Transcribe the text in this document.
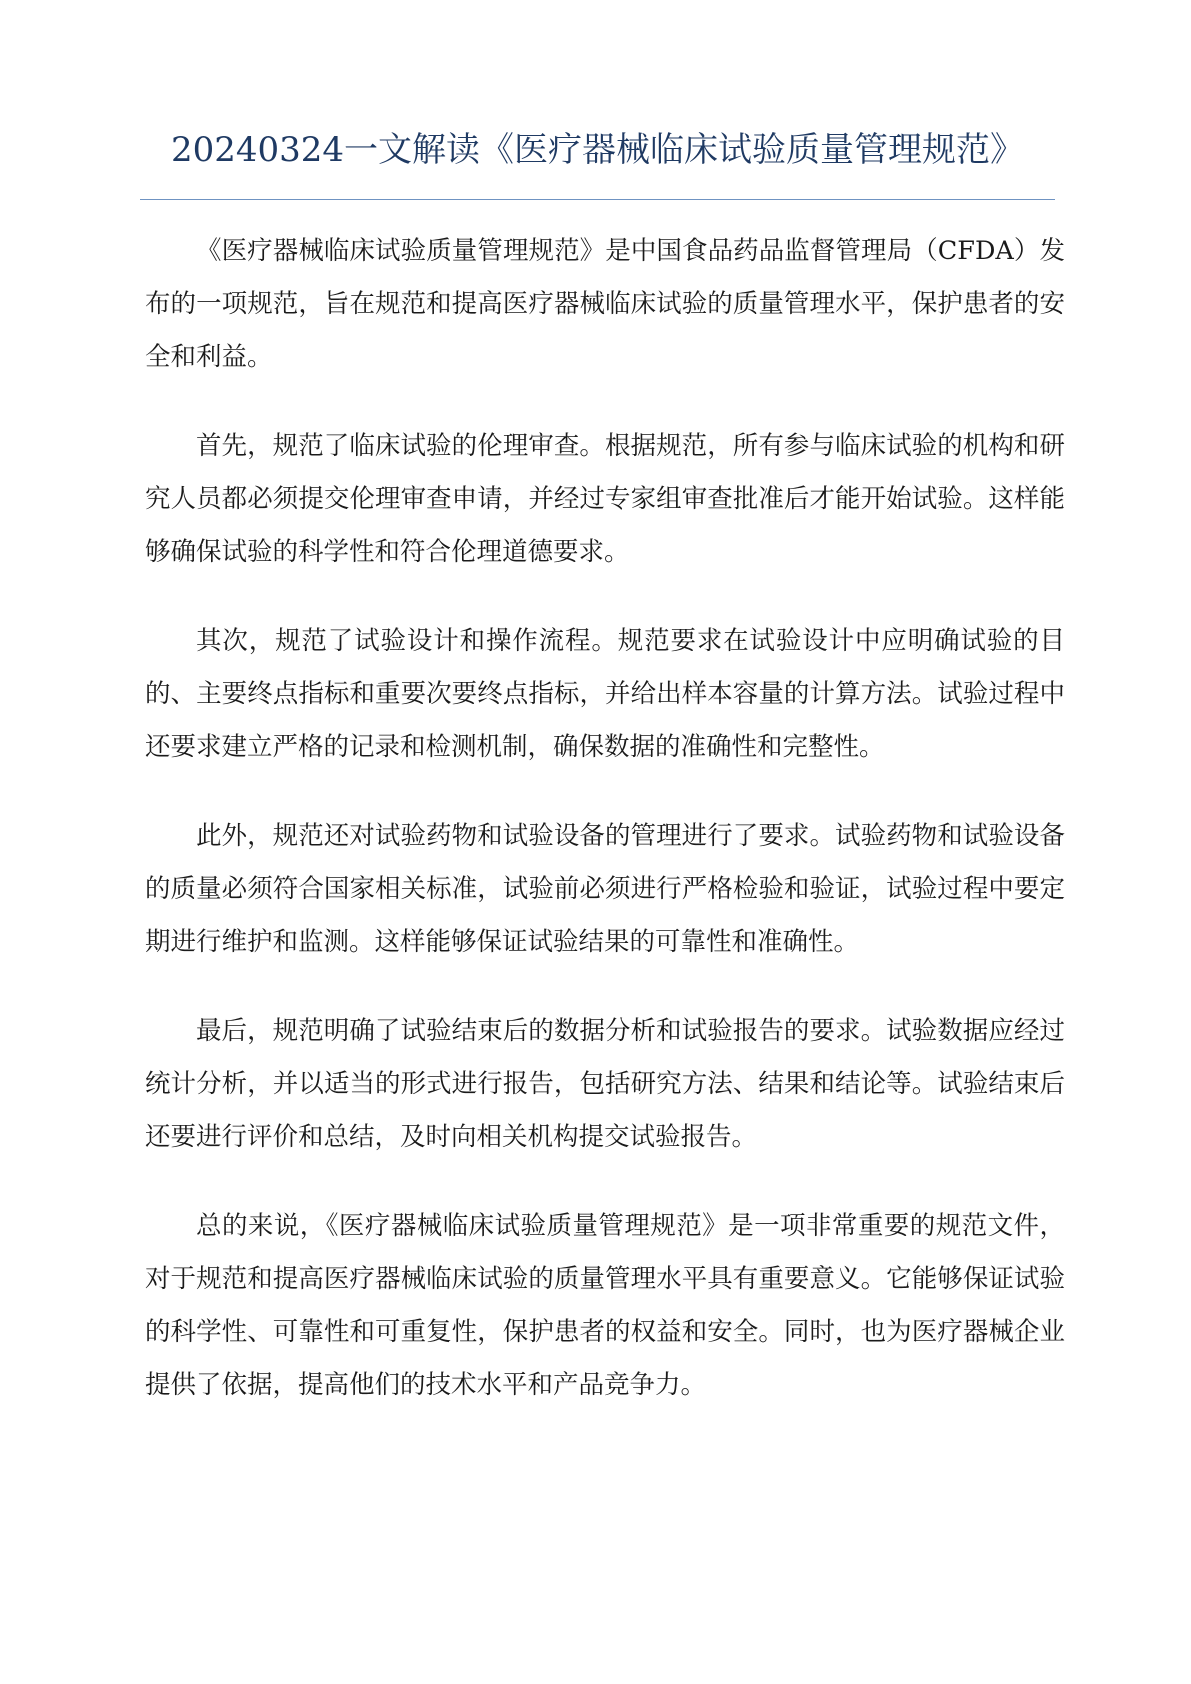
20240324一文解读《医疗器械临床试验质量管理规范》

《医疗器械临床试验质量管理规范》是中国食品药品监督管理局（CFDA）发布的一项规范，旨在规范和提高医疗器械临床试验的质量管理水平，保护患者的安全和利益。

首先，规范了临床试验的伦理审查。根据规范，所有参与临床试验的机构和研究人员都必须提交伦理审查申请，并经过专家组审查批准后才能开始试验。这样能够确保试验的科学性和符合伦理道德要求。

其次，规范了试验设计和操作流程。规范要求在试验设计中应明确试验的目的、主要终点指标和重要次要终点指标，并给出样本容量的计算方法。试验过程中还要求建立严格的记录和检测机制，确保数据的准确性和完整性。

此外，规范还对试验药物和试验设备的管理进行了要求。试验药物和试验设备的质量必须符合国家相关标准，试验前必须进行严格检验和验证，试验过程中要定期进行维护和监测。这样能够保证试验结果的可靠性和准确性。

最后，规范明确了试验结束后的数据分析和试验报告的要求。试验数据应经过统计分析，并以适当的形式进行报告，包括研究方法、结果和结论等。试验结束后还要进行评价和总结，及时向相关机构提交试验报告。

总的来说，《医疗器械临床试验质量管理规范》是一项非常重要的规范文件，对于规范和提高医疗器械临床试验的质量管理水平具有重要意义。它能够保证试验的科学性、可靠性和可重复性，保护患者的权益和安全。同时，也为医疗器械企业提供了依据，提高他们的技术水平和产品竞争力。
